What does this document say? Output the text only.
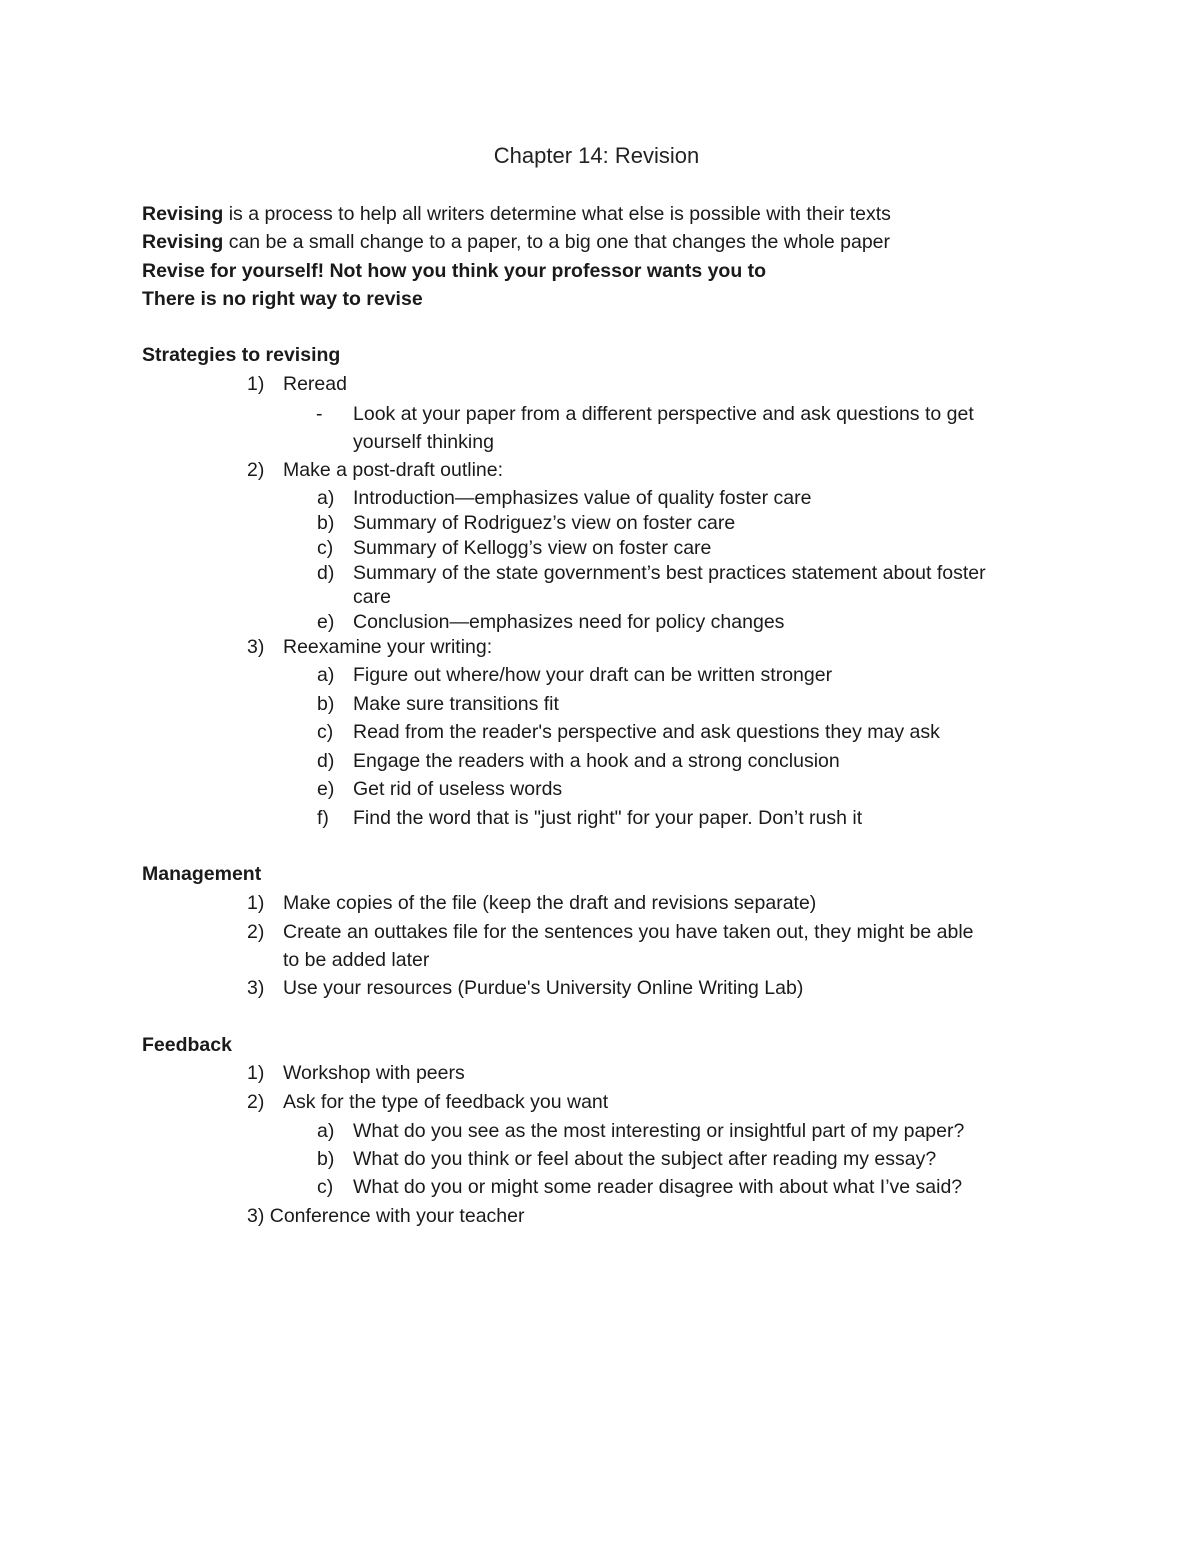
Chapter 14: Revision
Revising is a process to help all writers determine what else is possible with their texts
Revising can be a small change to a paper, to a big one that changes the whole paper
Revise for yourself! Not how you think your professor wants you to
There is no right way to revise
Strategies to revising
1) Reread
- Look at your paper from a different perspective and ask questions to get
yourself thinking
2) Make a post-draft outline:
a) Introduction—emphasizes value of quality foster care
b) Summary of Rodriguez’s view on foster care
c) Summary of Kellogg’s view on foster care
d) Summary of the state government’s best practices statement about foster
care
e) Conclusion—emphasizes need for policy changes
3) Reexamine your writing:
a) Figure out where/how your draft can be written stronger
b) Make sure transitions fit
c) Read from the reader's perspective and ask questions they may ask
d) Engage the readers with a hook and a strong conclusion
e) Get rid of useless words
f) Find the word that is "just right" for your paper. Don’t rush it
Management
1) Make copies of the file (keep the draft and revisions separate)
2) Create an outtakes file for the sentences you have taken out, they might be able
to be added later
3) Use your resources (Purdue's University Online Writing Lab)
Feedback
1) Workshop with peers
2) Ask for the type of feedback you want
a) What do you see as the most interesting or insightful part of my paper?
b) What do you think or feel about the subject after reading my essay?
c) What do you or might some reader disagree with about what I’ve said?
3) Conference with your teacher
